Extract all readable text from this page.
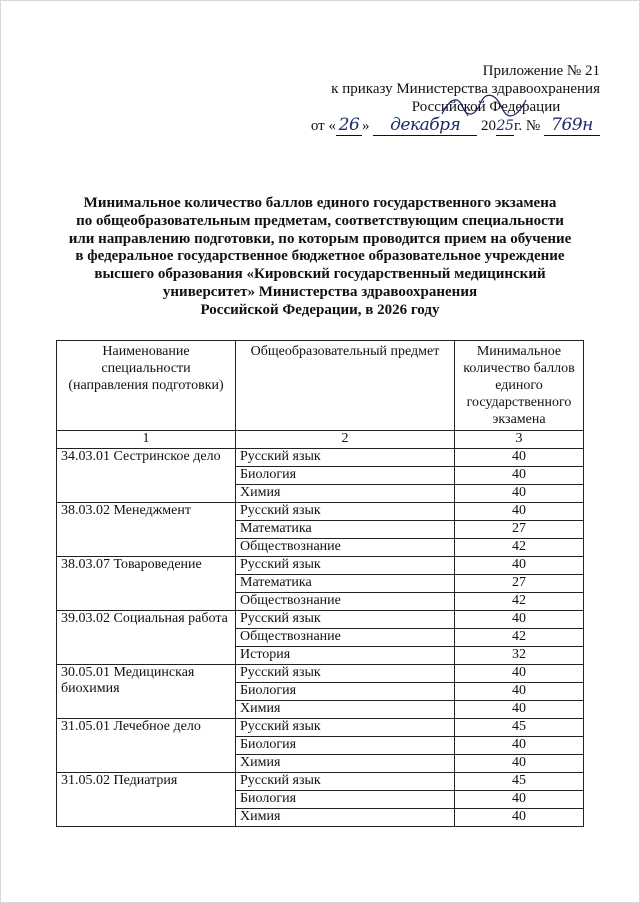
Приложение № 21
к приказу Министерства здравоохранения
Российской Федерации
от « 26 » декабря 2025г. № 769н
Минимальное количество баллов единого государственного экзамена
по общеобразовательным предметам, соответствующим специальности
или направлению подготовки, по которым проводится прием на обучение
в федеральное государственное бюджетное образовательное учреждение
высшего образования «Кировский государственный медицинский
университет» Министерства здравоохранения
Российской Федерации, в 2026 году
Наименование специальности (направления подготовки)	Общеобразовательный предмет	Минимальное количество баллов единого государственного экзамена
1	2	3
34.03.01 Сестринское дело	Русский язык	40
	Биология	40
	Химия	40
38.03.02 Менеджмент	Русский язык	40
	Математика	27
	Обществознание	42
38.03.07 Товароведение	Русский язык	40
	Математика	27
	Обществознание	42
39.03.02 Социальная работа	Русский язык	40
	Обществознание	42
	История	32
30.05.01 Медицинская биохимия	Русский язык	40
	Биология	40
	Химия	40
31.05.01 Лечебное дело	Русский язык	45
	Биология	40
	Химия	40
31.05.02 Педиатрия	Русский язык	45
	Биология	40
	Химия	40
